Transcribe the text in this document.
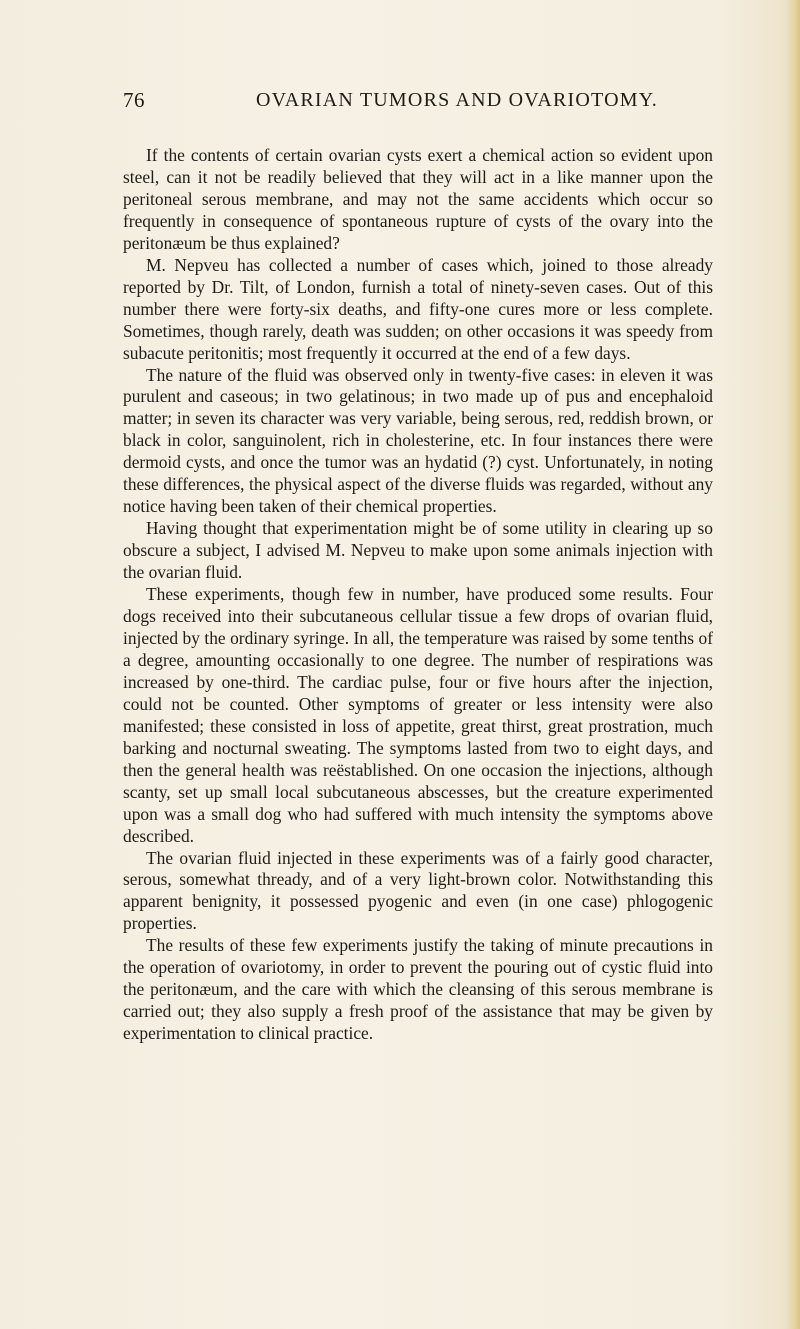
76	OVARIAN TUMORS AND OVARIOTOMY.

If the contents of certain ovarian cysts exert a chemical action so evident upon steel, can it not be readily believed that they will act in a like manner upon the peritoneal serous membrane, and may not the same accidents which occur so frequently in consequence of spontaneous rupture of cysts of the ovary into the peritonæum be thus explained?

M. Nepveu has collected a number of cases which, joined to those already reported by Dr. Tilt, of London, furnish a total of ninety-seven cases. Out of this number there were forty-six deaths, and fifty-one cures more or less complete. Sometimes, though rarely, death was sudden; on other occasions it was speedy from subacute peritonitis; most frequently it occurred at the end of a few days.

The nature of the fluid was observed only in twenty-five cases: in eleven it was purulent and caseous; in two gelatinous; in two made up of pus and encephaloid matter; in seven its character was very variable, being serous, red, reddish brown, or black in color, sanguinolent, rich in cholesterine, etc. In four instances there were dermoid cysts, and once the tumor was an hydatid (?) cyst. Unfortunately, in noting these differences, the physical aspect of the diverse fluids was regarded, without any notice having been taken of their chemical properties.

Having thought that experimentation might be of some utility in clearing up so obscure a subject, I advised M. Nepveu to make upon some animals injection with the ovarian fluid.

These experiments, though few in number, have produced some results. Four dogs received into their subcutaneous cellular tissue a few drops of ovarian fluid, injected by the ordinary syringe. In all, the temperature was raised by some tenths of a degree, amounting occasionally to one degree. The number of respirations was increased by one-third. The cardiac pulse, four or five hours after the injection, could not be counted. Other symptoms of greater or less intensity were also manifested; these consisted in loss of appetite, great thirst, great prostration, much barking and nocturnal sweating. The symptoms lasted from two to eight days, and then the general health was reëstablished. On one occasion the injections, although scanty, set up small local subcutaneous abscesses, but the creature experimented upon was a small dog who had suffered with much intensity the symptoms above described.

The ovarian fluid injected in these experiments was of a fairly good character, serous, somewhat thready, and of a very light-brown color. Notwithstanding this apparent benignity, it possessed pyogenic and even (in one case) phlogogenic properties.

The results of these few experiments justify the taking of minute precautions in the operation of ovariotomy, in order to prevent the pouring out of cystic fluid into the peritonæum, and the care with which the cleansing of this serous membrane is carried out; they also supply a fresh proof of the assistance that may be given by experimentation to clinical practice.
